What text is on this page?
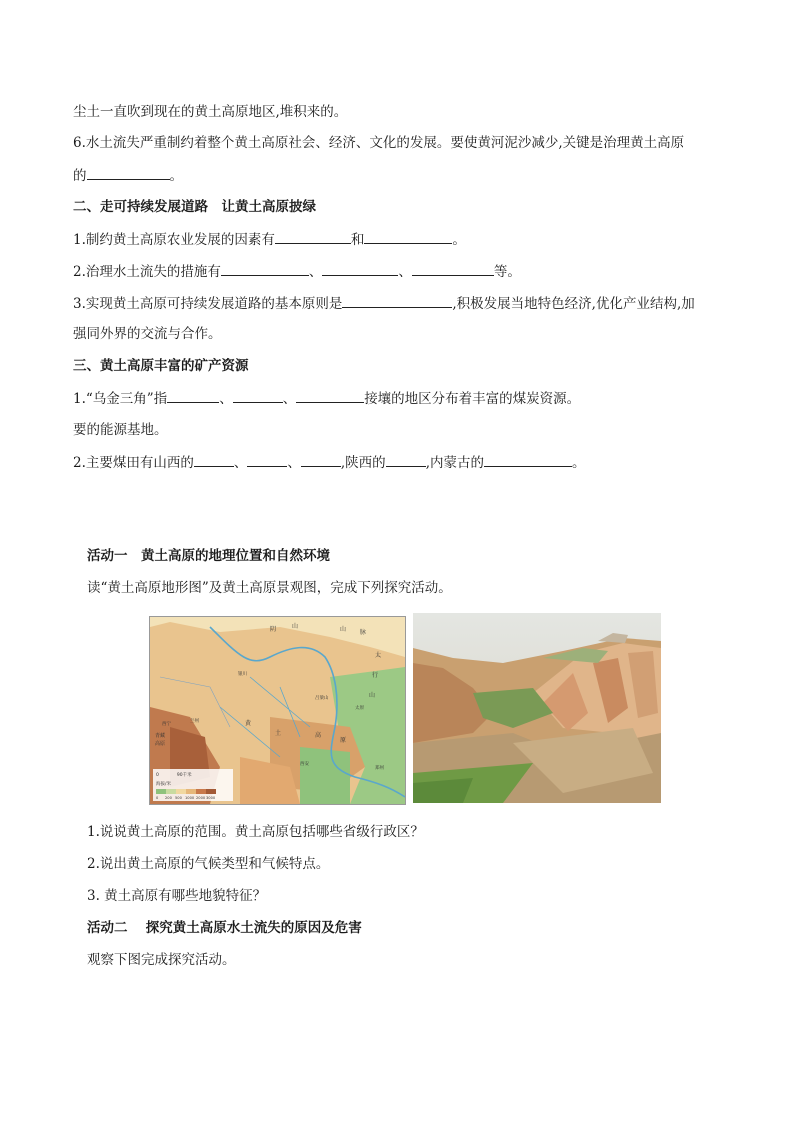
尘土一直吹到现在的黄土高原地区,堆积来的。
6.水土流失严重制约着整个黄土高原社会、经济、文化的发展。要使黄河泥沙减少,关键是治理黄土高原
的	。
二、走可持续发展道路　让黄土高原披绿
1.制约黄土高原农业发展的因素有	和	。
2.治理水土流失的措施有	、	、	等。
3.实现黄土高原可持续发展道路的基本原则是	,积极发展当地特色经济,优化产业结构,加
强同外界的交流与合作。
三、黄土高原丰富的矿产资源
1.“乌金三角”指	、	、	接壤的地区分布着丰富的煤炭资源。
要的能源基地。
2.主要煤田有山西的	、	、	,陕西的	,内蒙古的	。
活动一　黄土高原的地理位置和自然环境
读“黄土高原地形图”及黄土高原景观图，完成下列探究活动。
0　　　　90千米
海拔/米
0 200 500 1000 2000 3000
阴	山	山 脉
太
行
山
黄
土	高
原
青藏
高原
西宁
兰州
银川
太原
西安
郑州
吕梁山
1.说说黄土高原的范围。黄土高原包括哪些省级行政区？
2.说出黄土高原的气候类型和气候特点。
3. 黄土高原有哪些地貌特征？
活动二　 探究黄土高原水土流失的原因及危害
观察下图完成探究活动。
